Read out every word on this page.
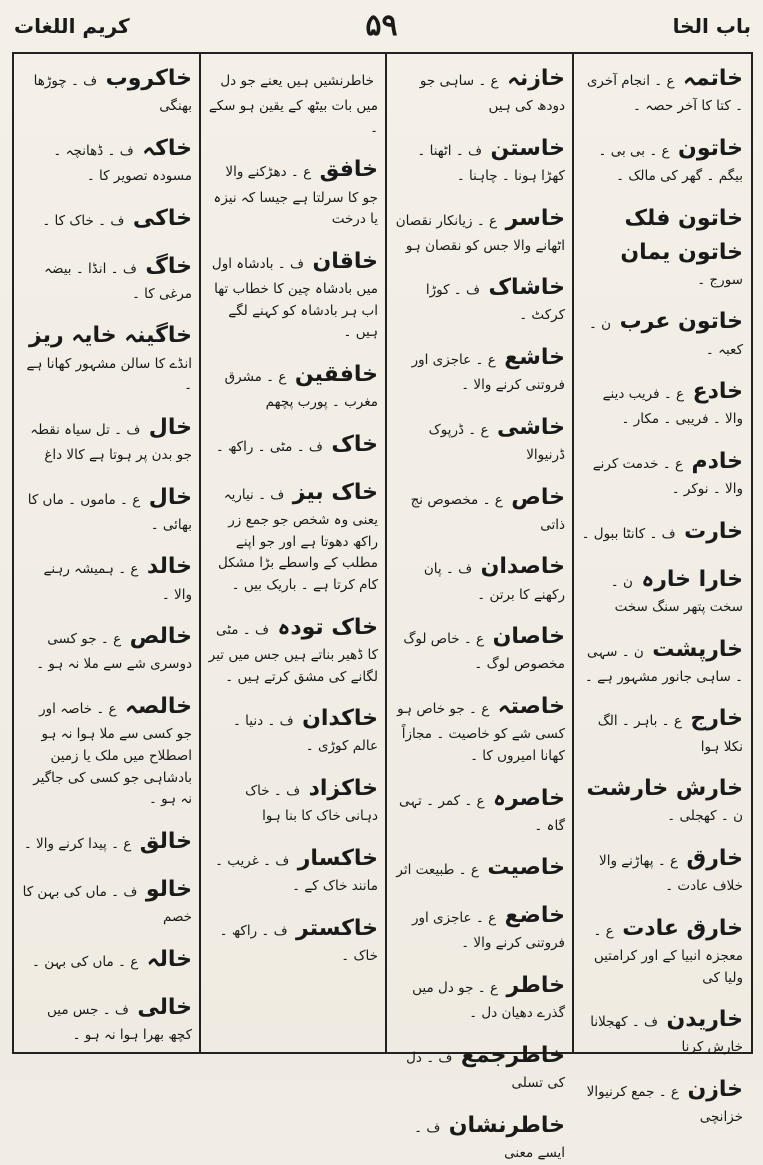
باب الخا
۵۹
کریم اللغات
خاتمہ ع ۔ انجام آخری ۔ کتا کا آخر حصہ ۔
خاتون ع ۔ بی بی ۔ بیگم ۔ گھر کی مالک ۔
خاتون فلک خاتون یمان سورج ۔
خاتون عرب ن ۔ کعبہ ۔
خادع ع ۔ فریب دینے والا ۔ فریبی ۔ مکار ۔
خادم ع ۔ خدمت کرنے والا ۔ نوکر ۔
خارت ف ۔ کانٹا ببول ۔
خارا خارہ ن ۔ سخت پتھر سنگ سخت
خارپشت ن ۔ سہی ۔ ساہی جانور مشہور ہے ۔
خارج ع ۔ باہر ۔ الگ نکلا ہوا
خارش خارشت ن ۔ کھجلی ۔
خارق ع ۔ پھاڑنے والا خلاف عادت ۔
خارق عادت ع ۔ معجزہ انبیا کے اور کرامتیں ولیا کی
خاریدن ف ۔ کھجلانا خارش کرنا
خازن ع ۔ جمع کرنیوالا خزانچی
خازنہ ع ۔ ساہی جو دودھ کی ہیں
خاستن ف ۔ اٹھنا ۔ کھڑا ہونا ۔ چاہنا ۔
خاسر ع ۔ زیانکار نقصان اٹھانے والا جس کو نقصان ہو
خاشاک ف ۔ کوڑا کرکٹ ۔
خاشع ع ۔ عاجزی اور فروتنی کرنے والا ۔
خاشی ع ۔ ڈرپوک ڈرنیوالا
خاص ع ۔ مخصوص نج ذاتی
خاصدان ف ۔ پان رکھنے کا برتن ۔
خاصان ع ۔ خاص لوگ مخصوص لوگ ۔
خاصتہ ع ۔ جو خاص ہو کسی شے کو خاصیت ۔ مجازاً کھانا امیروں کا ۔
خاصرہ ع ۔ کمر ۔ تہی گاہ ۔
خاصیت ع ۔ طبیعت اثر
خاضع ع ۔ عاجزی اور فروتنی کرنے والا ۔
خاطر ع ۔ جو دل میں گذرے دھیان دل ۔
خاطرجمع ف ۔ دل کی تسلی
خاطرنشان ف ۔ ایسے معنی
خاطرنشیں ہیں یعنے جو دل میں بات بیٹھ کے یقین ہو سکے ۔
خافق ع ۔ دھڑکنے والا جو کا سرلتا ہے جیسا کہ نیزہ یا درخت
خاقان ف ۔ بادشاہ اول میں بادشاہ چین کا خطاب تھا اب ہر بادشاہ کو کہنے لگے ہیں ۔
خافقین ع ۔ مشرق مغرب ۔ پورب پچھم
خاک ف ۔ مٹی ۔ راکھ ۔
خاک بیز ف ۔ نیاریہ یعنی وہ شخص جو جمع زر راکھ دھوتا ہے اور جو اپنے مطلب کے واسطے بڑا مشکل کام کرتا ہے ۔ باریک بیں ۔
خاک تودہ ف ۔ مٹی کا ڈھیر بناتے ہیں جس میں تیر لگانے کی مشق کرتے ہیں ۔
خاکدان ف ۔ دنیا ۔ عالم کوڑی ۔
خاکزاد ف ۔ خاک دہانی خاک کا بنا ہوا
خاکسار ف ۔ غریب ۔ مانند خاک کے ۔
خاکستر ف ۔ راکھ ۔ خاک ۔
خاکروب ف ۔ چوڑھا بھنگی
خاکہ ف ۔ ڈھانچہ ۔ مسودہ تصویر کا ۔
خاکی ف ۔ خاک کا ۔
خاگ ف ۔ انڈا ۔ بیضہ مرغی کا ۔
خاگینہ خایہ ریز انڈے کا سالن مشہور کھانا ہے ۔
خال ف ۔ تل سیاہ نقطہ جو بدن پر ہوتا ہے کالا داغ
خال ع ۔ ماموں ۔ ماں کا بھائی ۔
خالد ع ۔ ہمیشہ رہنے والا ۔
خالص ع ۔ جو کسی دوسری شے سے ملا نہ ہو ۔
خالصہ ع ۔ خاصہ اور جو کسی سے ملا ہوا نہ ہو اصطلاح میں ملک یا زمین بادشاہی جو کسی کی جاگیر نہ ہو ۔
خالق ع ۔ پیدا کرنے والا ۔
خالو ف ۔ ماں کی بہن کا خصم
خالہ ع ۔ ماں کی بہن ۔
خالی ف ۔ جس میں کچھ بھرا ہوا نہ ہو ۔
